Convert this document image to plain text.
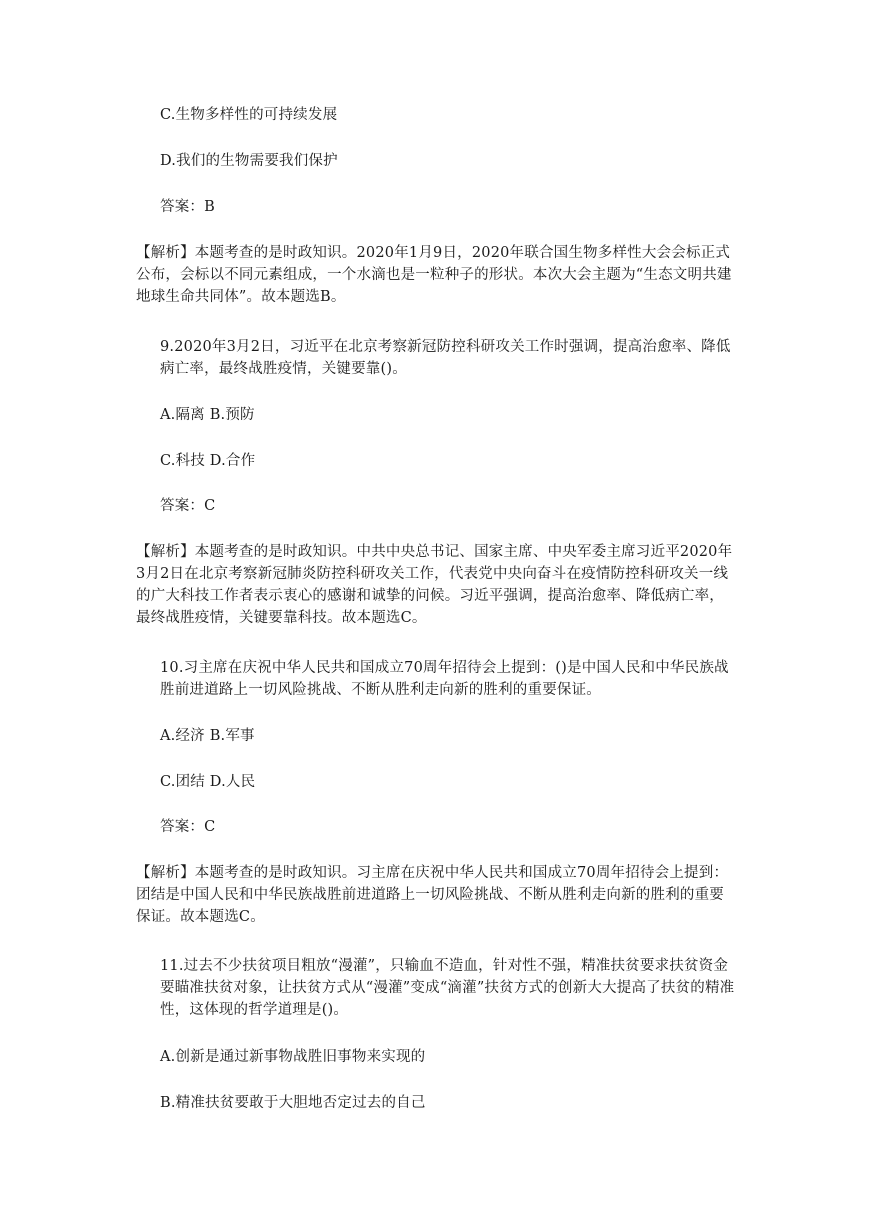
C.生物多样性的可持续发展

D.我们的生物需要我们保护

答案：B

【解析】本题考查的是时政知识。2020年1月9日，2020年联合国生物多样性大会会标正式公布，会标以不同元素组成，一个水滴也是一粒种子的形状。本次大会主题为“生态文明共建地球生命共同体”。故本题选B。

9.2020年3月2日，习近平在北京考察新冠防控科研攻关工作时强调，提高治愈率、降低病亡率，最终战胜疫情，关键要靠()。

A.隔离 B.预防

C.科技 D.合作

答案：C

【解析】本题考查的是时政知识。中共中央总书记、国家主席、中央军委主席习近平2020年3月2日在北京考察新冠肺炎防控科研攻关工作，代表党中央向奋斗在疫情防控科研攻关一线的广大科技工作者表示衷心的感谢和诚挚的问候。习近平强调，提高治愈率、降低病亡率，最终战胜疫情，关键要靠科技。故本题选C。

10.习主席在庆祝中华人民共和国成立70周年招待会上提到：()是中国人民和中华民族战胜前进道路上一切风险挑战、不断从胜利走向新的胜利的重要保证。

A.经济 B.军事

C.团结 D.人民

答案：C

【解析】本题考查的是时政知识。习主席在庆祝中华人民共和国成立70周年招待会上提到：团结是中国人民和中华民族战胜前进道路上一切风险挑战、不断从胜利走向新的胜利的重要保证。故本题选C。

11.过去不少扶贫项目粗放“漫灌”，只输血不造血，针对性不强，精准扶贫要求扶贫资金要瞄准扶贫对象，让扶贫方式从“漫灌”变成“滴灌”扶贫方式的创新大大提高了扶贫的精准性，这体现的哲学道理是()。

A.创新是通过新事物战胜旧事物来实现的

B.精准扶贫要敢于大胆地否定过去的自己
